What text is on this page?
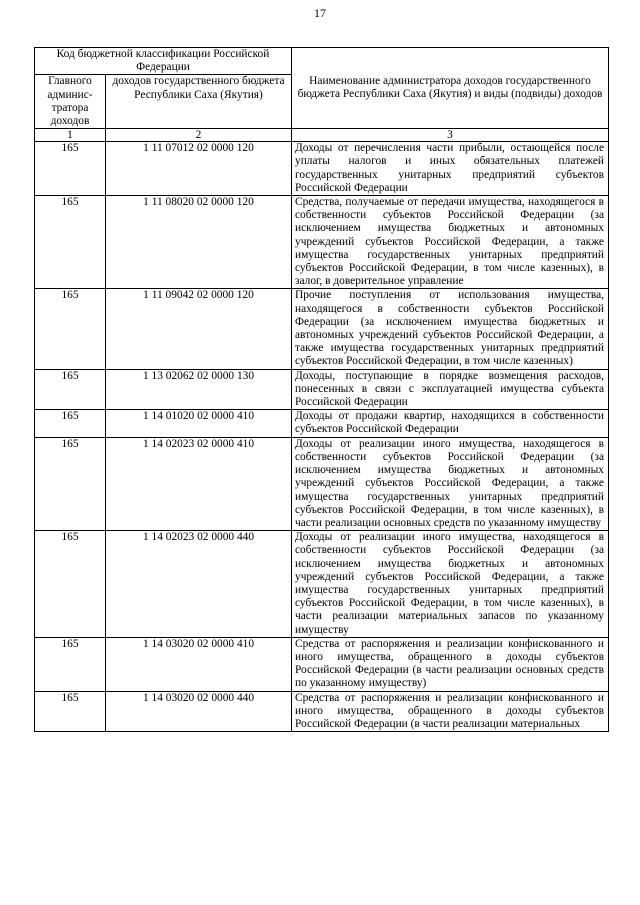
17
Код бюджетной классификации Российской Федерации		Наименование администратора доходов государственного бюджета Республики Саха (Якутия) и виды (подвиды) доходов
Главного админис-тратора доходов	доходов государственного бюджета Республики Саха (Якутия)	
1	2	3
165	1 11 07012 02 0000 120	Доходы от перечисления части прибыли, остающейся после уплаты налогов и иных обязательных платежей государственных унитарных предприятий субъектов Российской Федерации
165	1 11 08020 02 0000 120	Средства, получаемые от передачи имущества, находящегося в собственности субъектов Российской Федерации (за исключением имущества бюджетных и автономных учреждений субъектов Российской Федерации, а также имущества государственных унитарных предприятий субъектов Российской Федерации, в том числе казенных), в залог, в доверительное управление
165	1 11 09042 02 0000 120	Прочие поступления от использования имущества, находящегося в собственности субъектов Российской Федерации (за исключением имущества бюджетных и автономных учреждений субъектов Российской Федерации, а также имущества государственных унитарных предприятий субъектов Российской Федерации, в том числе казенных)
165	1 13 02062 02 0000 130	Доходы, поступающие в порядке возмещения расходов, понесенных в связи с эксплуатацией имущества субъекта Российской Федерации
165	1 14 01020 02 0000 410	Доходы от продажи квартир, находящихся в собственности субъектов Российской Федерации
165	1 14 02023 02 0000 410	Доходы от реализации иного имущества, находящегося в собственности субъектов Российской Федерации (за исключением имущества бюджетных и автономных учреждений субъектов Российской Федерации, а также имущества государственных унитарных предприятий субъектов Российской Федерации, в том числе казенных), в части реализации основных средств по указанному имуществу
165	1 14 02023 02 0000 440	Доходы от реализации иного имущества, находящегося в собственности субъектов Российской Федерации (за исключением имущества бюджетных и автономных учреждений субъектов Российской Федерации, а также имущества государственных унитарных предприятий субъектов Российской Федерации, в том числе казенных), в части реализации материальных запасов по указанному имуществу
165	1 14 03020 02 0000 410	Средства от распоряжения и реализации конфискованного и иного имущества, обращенного в доходы субъектов Российской Федерации (в части реализации основных средств по указанному имуществу)
165	1 14 03020 02 0000 440	Средства от распоряжения и реализации конфискованного и иного имущества, обращенного в доходы субъектов Российской Федерации (в части реализации материальных
